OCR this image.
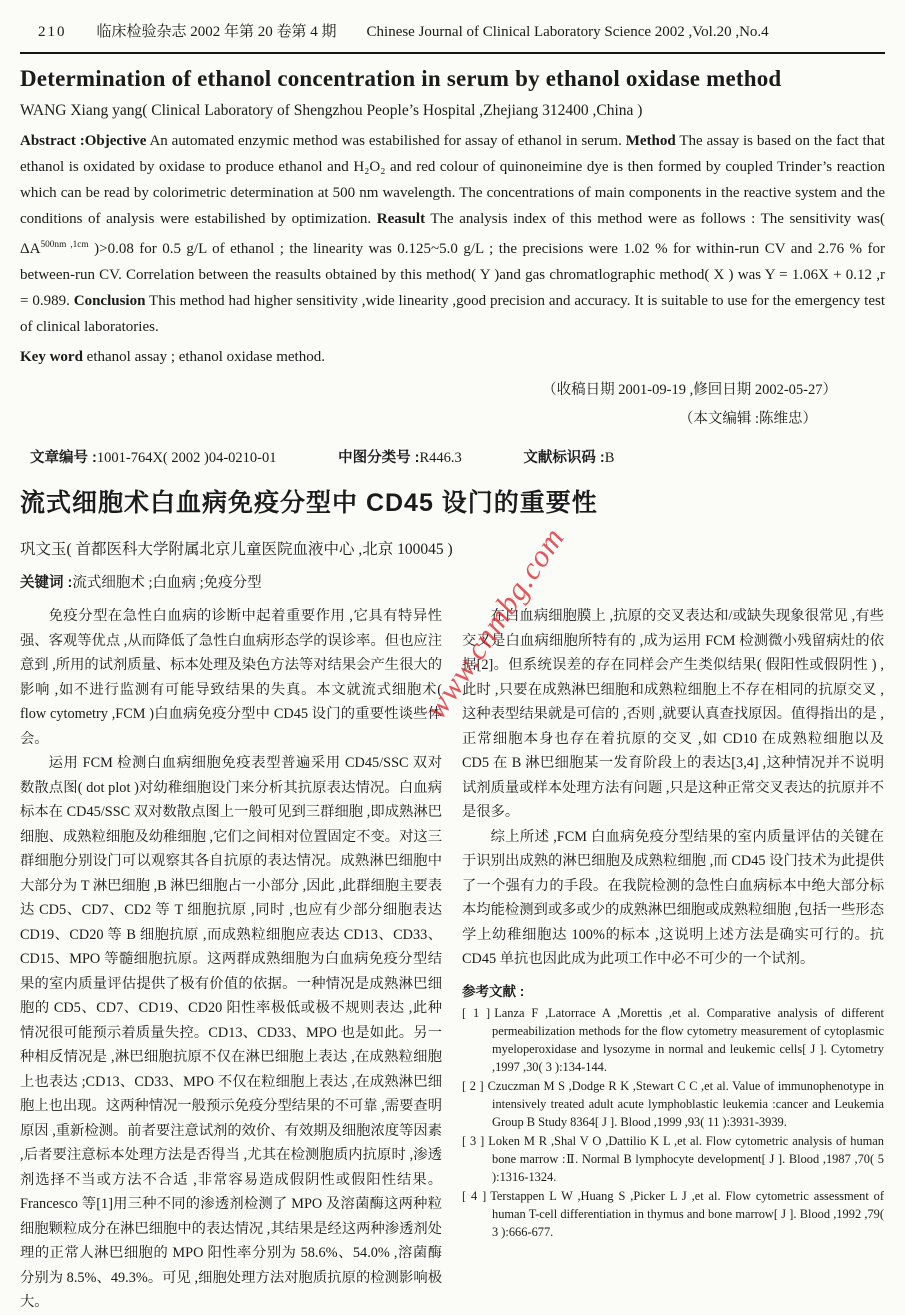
210 临床检验杂志 2002 年第 20 卷第 4 期 Chinese Journal of Clinical Laboratory Science 2002 ,Vol.20 ,No.4
Determination of ethanol concentration in serum by ethanol oxidase method

WANG Xiang yang( Clinical Laboratory of Shengzhou People’s Hospital ,Zhejiang 312400 ,China )

Abstract :Objective An automated enzymic method was estabilished for assay of ethanol in serum. Method The assay is based on the fact that ethanol is oxidated by oxidase to produce ethanol and H₂O₂ and red colour of quinoneimine dye is then formed by coupled Trinder’s reaction which can be read by colorimetric determination at 500 nm wavelength. The concentrations of main components in the reactive system and the conditions of analysis were estabilished by optimization. Reasult The analysis index of this method were as follows : The sensitivity was( $\Delta A^{500nm ,1cm}$ )>0.08 for 0.5 g/L of ethanol ; the linearity was 0.125~5.0 g/L ; the precisions were 1.02 % for within-run CV and 2.76 % for between-run CV. Correlation between the reasults obtained by this method( Y )and gas chromatlographic method( X ) was Y = 1.06X + 0.12 ,r = 0.989. Conclusion This method had higher sensitivity ,wide linearity ,good precision and accuracy. It is suitable to use for the emergency test of clinical laboratories.

Key word ethanol assay ; ethanol oxidase method.

（收稿日期 2001-09-19 ,修回日期 2002-05-27）

（本文编辑 :陈维忠）

文章编号 :1001-764X( 2002 )04-0210-01	中图分类号 :R446.3	文献标识码 :B

流式细胞术白血病免疫分型中 CD45 设门的重要性

巩文玉( 首都医科大学附属北京儿童医院血液中心 ,北京 100045 )

关键词 :流式细胞术 ;白血病 ;免疫分型

免疫分型在急性白血病的诊断中起着重要作用 ,它具有特异性强、客观等优点 ,从而降低了急性白血病形态学的误诊率。但也应注意到 ,所用的试剂质量、标本处理及染色方法等对结果会产生很大的影响 ,如不进行监测有可能导致结果的失真。本文就流式细胞术( flow cytometry ,FCM )白血病免疫分型中 CD45 设门的重要性谈些体会。

运用 FCM 检测白血病细胞免疫表型普遍采用 CD45/SSC 双对数散点图( dot plot )对幼稚细胞设门来分析其抗原表达情况。白血病标本在 CD45/SSC 双对数散点图上一般可见到三群细胞 ,即成熟淋巴细胞、成熟粒细胞及幼稚细胞 ,它们之间相对位置固定不变。对这三群细胞分别设门可以观察其各自抗原的表达情况。成熟淋巴细胞中大部分为 T 淋巴细胞 ,B 淋巴细胞占一小部分 ,因此 ,此群细胞主要表达 CD5、CD7、CD2 等 T 细胞抗原 ,同时 ,也应有少部分细胞表达 CD19、CD20 等 B 细胞抗原 ,而成熟粒细胞应表达 CD13、CD33、CD15、MPO 等髓细胞抗原。这两群成熟细胞为白血病免疫分型结果的室内质量评估提供了极有价值的依据。一种情况是成熟淋巴细胞的 CD5、CD7、CD19、CD20 阳性率极低或极不规则表达 ,此种情况很可能预示着质量失控。CD13、CD33、MPO 也是如此。另一种相反情况是 ,淋巴细胞抗原不仅在淋巴细胞上表达 ,在成熟粒细胞上也表达 ;CD13、CD33、MPO 不仅在粒细胞上表达 ,在成熟淋巴细胞上也出现。这两种情况一般预示免疫分型结果的不可靠 ,需要查明原因 ,重新检测。前者要注意试剂的效价、有效期及细胞浓度等因素 ,后者要注意标本处理方法是否得当 ,尤其在检测胞质内抗原时 ,渗透剂选择不当或方法不合适 ,非常容易造成假阴性或假阳性结果。Francesco 等[1]用三种不同的渗透剂检测了 MPO 及溶菌酶这两种粒细胞颗粒成分在淋巴细胞中的表达情况 ,其结果是经这两种渗透剂处理的正常人淋巴细胞的 MPO 阳性率分别为 58.6%、54.0% ,溶菌酶分别为 8.5%、49.3%。可见 ,细胞处理方法对胞质抗原的检测影响极大。

在白血病细胞膜上 ,抗原的交叉表达和/或缺失现象很常见 ,有些交叉是白血病细胞所特有的 ,成为运用 FCM 检测微小残留病灶的依据[2]。但系统误差的存在同样会产生类似结果( 假阳性或假阴性 ) ,此时 ,只要在成熟淋巴细胞和成熟粒细胞上不存在相同的抗原交叉 ,这种表型结果就是可信的 ,否则 ,就要认真查找原因。值得指出的是 ,正常细胞本身也存在着抗原的交叉 ,如 CD10 在成熟粒细胞以及 CD5 在 B 淋巴细胞某一发育阶段上的表达[3,4] ,这种情况并不说明试剂质量或样本处理方法有问题 ,只是这种正常交叉表达的抗原并不是很多。

综上所述 ,FCM 白血病免疫分型结果的室内质量评估的关键在于识别出成熟的淋巴细胞及成熟粒细胞 ,而 CD45 设门技术为此提供了一个强有力的手段。在我院检测的急性白血病标本中绝大部分标本均能检测到或多或少的成熟淋巴细胞或成熟粒细胞 ,包括一些形态学上幼稚细胞达 100%的标本 ,这说明上述方法是确实可行的。抗 CD45 单抗也因此成为此项工作中必不可少的一个试剂。

参考文献 :

[ 1 ] Lanza F ,Latorrace A ,Morettis ,et al. Comparative analysis of different permeabilization methods for the flow cytometry measurement of cytoplasmic myeloperoxidase and lysozyme in normal and leukemic cells[ J ]. Cytometry ,1997 ,30( 3 ):134-144.
[ 2 ] Czuczman M S ,Dodge R K ,Stewart C C ,et al. Value of immunophenotype in intensively treated adult acute lymphoblastic leukemia :cancer and Leukemia Group B Study 8364[ J ]. Blood ,1999 ,93( 11 ):3931-3939.
[ 3 ] Loken M R ,Shal V O ,Dattilio K L ,et al. Flow cytometric analysis of human bone marrow :Ⅱ. Normal B lymphocyte development[ J ]. Blood ,1987 ,70( 5 ):1316-1324.
[ 4 ] Terstappen L W ,Huang S ,Picker L J ,et al. Flow cytometric assessment of human T-cell differentiation in thymus and bone marrow[ J ]. Blood ,1992 ,79( 3 ):666-677.
www.cnmbg.com
